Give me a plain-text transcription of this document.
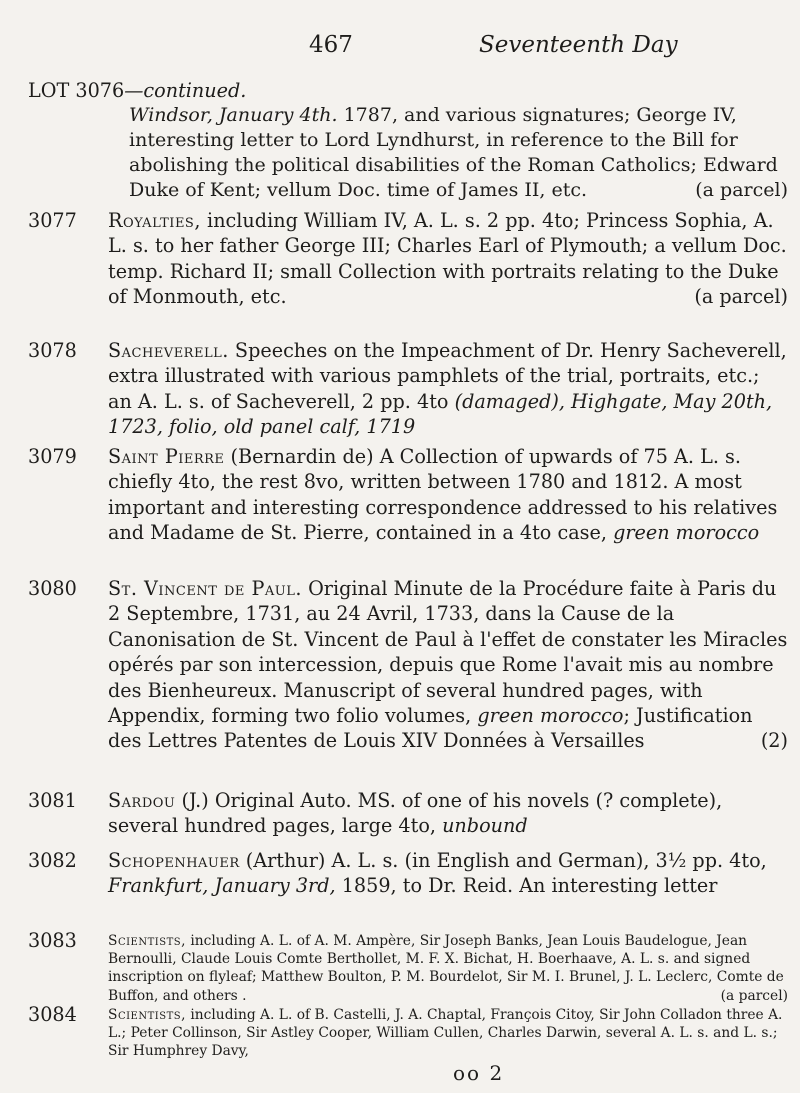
467	Seventeenth Day
LOT 3076—continued.
Windsor, January 4th. 1787, and various signatures; George IV, interesting letter to Lord Lyndhurst, in reference to the Bill for abolishing the political disabilities of the Roman Catholics; Edward Duke of Kent; vellum Doc. time of James II, etc.	(a parcel)
3077 Royalties, including William IV, A. L. s. 2 pp. 4to; Princess Sophia, A. L. s. to her father George III; Charles Earl of Plymouth; a vellum Doc. temp. Richard II; small Collection with portraits relating to the Duke of Monmouth, etc.	(a parcel)
3078 Sacheverell. Speeches on the Impeachment of Dr. Henry Sacheverell, extra illustrated with various pamphlets of the trial, portraits, etc.; an A. L. s. of Sacheverell, 2 pp. 4to (damaged), Highgate, May 20th, 1723, folio, old panel calf, 1719
3079 Saint Pierre (Bernardin de) A Collection of upwards of 75 A. L. s. chiefly 4to, the rest 8vo, written between 1780 and 1812. A most important and interesting correspondence addressed to his relatives and Madame de St. Pierre, contained in a 4to case, green morocco
3080 St. Vincent de Paul. Original Minute de la Procédure faite à Paris du 2 Septembre, 1731, au 24 Avril, 1733, dans la Cause de la Canonisation de St. Vincent de Paul à l'effet de constater les Miracles opérés par son intercession, depuis que Rome l'avait mis au nombre des Bienheureux. Manuscript of several hundred pages, with Appendix, forming two folio volumes, green morocco; Justification des Lettres Patentes de Louis XIV Données à Versailles	(2)
3081 Sardou (J.) Original Auto. MS. of one of his novels (? complete), several hundred pages, large 4to, unbound
3082 Schopenhauer (Arthur) A. L. s. (in English and German), 3½ pp. 4to, Frankfurt, January 3rd, 1859, to Dr. Reid. An interesting letter
3083 Scientists, including A. L. of A. M. Ampère, Sir Joseph Banks, Jean Louis Baudelogue, Jean Bernoulli, Claude Louis Comte Berthollet, M. F. X. Bichat, H. Boerhaave, A. L. s. and signed inscription on flyleaf; Matthew Boulton, P. M. Bourdelot, Sir M. I. Brunel, J. L. Leclerc, Comte de Buffon, and others .	(a parcel)
3084 Scientists, including A. L. of B. Castelli, J. A. Chaptal, François Citoy, Sir John Colladon three A. L.; Peter Collinson, Sir Astley Cooper, William Cullen, Charles Darwin, several A. L. s. and L. s.; Sir Humphrey Davy,
oo 2
